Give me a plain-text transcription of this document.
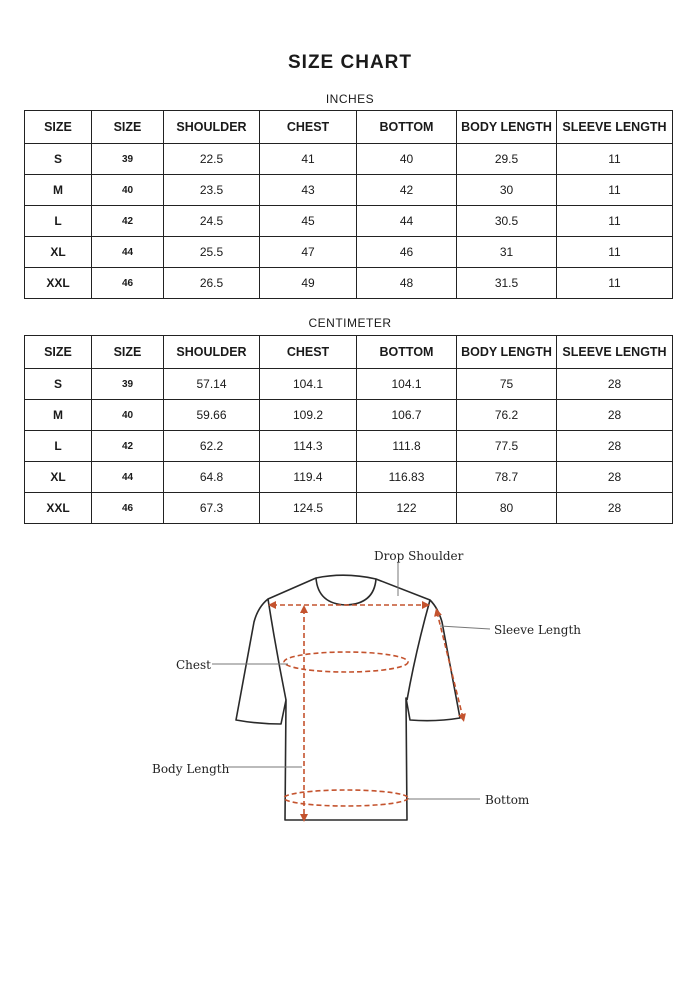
SIZE CHART
INCHES
SIZE	SIZE	SHOULDER	CHEST	BOTTOM	BODY LENGTH	SLEEVE LENGTH
S	39	22.5	41	40	29.5	11
M	40	23.5	43	42	30	11
L	42	24.5	45	44	30.5	11
XL	44	25.5	47	46	31	11
XXL	46	26.5	49	48	31.5	11
CENTIMETER
SIZE	SIZE	SHOULDER	CHEST	BOTTOM	BODY LENGTH	SLEEVE LENGTH
S	39	57.14	104.1	104.1	75	28
M	40	59.66	109.2	106.7	76.2	28
L	42	62.2	114.3	111.8	77.5	28
XL	44	64.8	119.4	116.83	78.7	28
XXL	46	67.3	124.5	122	80	28
Drop Shoulder
Sleeve Length
Chest
Body Length
Bottom
